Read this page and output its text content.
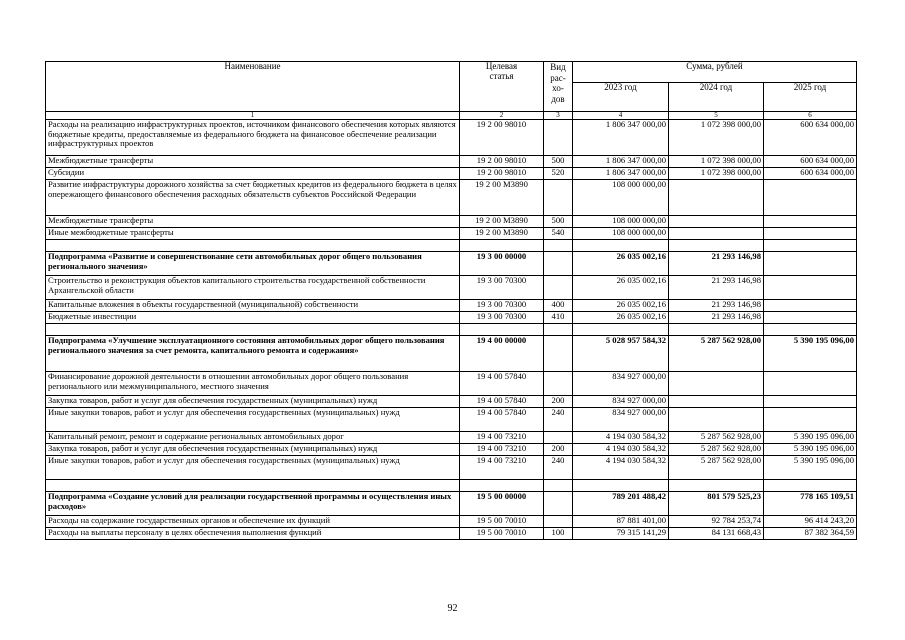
Наименование	Целевая статья	Вид
рас-
хо-
дов	Сумма, рублей		
			2023 год	2024 год	2025 год
1	2	3	4	5	6
Расходы на реализацию инфраструктурных проектов, источником финансового обеспечения которых являются бюджетные кредиты, предоставляемые из федерального бюджета на финансовое обеспечение реализации инфраструктурных проектов	19 2 00 98010		1 806 347 000,00	1 072 398 000,00	600 634 000,00
Межбюджетные трансферты	19 2 00 98010	500	1 806 347 000,00	1 072 398 000,00	600 634 000,00
Субсидии	19 2 00 98010	520	1 806 347 000,00	1 072 398 000,00	600 634 000,00
Развитие инфраструктуры дорожного хозяйства за счет бюджетных кредитов из федерального бюджета в целях опережающего финансового обеспечения расходных обязательств субъектов Российской Федерации	19 2 00 М3890		108 000 000,00		
Межбюджетные трансферты	19 2 00 М3890	500	108 000 000,00		
Иные межбюджетные трансферты	19 2 00 М3890	540	108 000 000,00		

Подпрограмма «Развитие и совершенствование сети автомобильных дорог общего пользования регионального значения»	19 3 00 00000		26 035 002,16	21 293 146,98	
Строительство и реконструкция объектов капитального строительства государственной собственности Архангельской области	19 3 00 70300		26 035 002,16	21 293 146,98	
Капитальные вложения в объекты государственной (муниципальной) собственности	19 3 00 70300	400	26 035 002,16	21 293 146,98	
Бюджетные инвестиции	19 3 00 70300	410	26 035 002,16	21 293 146,98	

Подпрограмма «Улучшение эксплуатационного состояния автомобильных дорог общего пользования регионального значения за счет ремонта, капитального ремонта и содержания»	19 4 00 00000		5 028 957 584,32	5 287 562 928,00	5 390 195 096,00
Финансирование дорожной деятельности в отношении автомобильных дорог общего пользования регионального или межмуниципального, местного значения	19 4 00 57840		834 927 000,00		
Закупка товаров, работ и услуг для обеспечения государственных (муниципальных) нужд	19 4 00 57840	200	834 927 000,00		
Иные закупки товаров, работ и услуг для обеспечения государственных (муниципальных) нужд	19 4 00 57840	240	834 927 000,00		
Капитальный ремонт, ремонт и содержание региональных автомобильных дорог	19 4 00 73210		4 194 030 584,32	5 287 562 928,00	5 390 195 096,00
Закупка товаров, работ и услуг для обеспечения государственных (муниципальных) нужд	19 4 00 73210	200	4 194 030 584,32	5 287 562 928,00	5 390 195 096,00
Иные закупки товаров, работ и услуг для обеспечения государственных (муниципальных) нужд	19 4 00 73210	240	4 194 030 584,32	5 287 562 928,00	5 390 195 096,00

Подпрограмма «Создание условий для реализации государственной программы и осуществления иных расходов»	19 5 00 00000		789 201 488,42	801 579 525,23	778 165 109,51
Расходы на содержание государственных органов и обеспечение их функций	19 5 00 70010		87 881 401,00	92 784 253,74	96 414 243,20
Расходы на выплаты персоналу в целях обеспечения выполнения функций	19 5 00 70010	100	79 315 141,29	84 131 668,43	87 382 364,59
92
